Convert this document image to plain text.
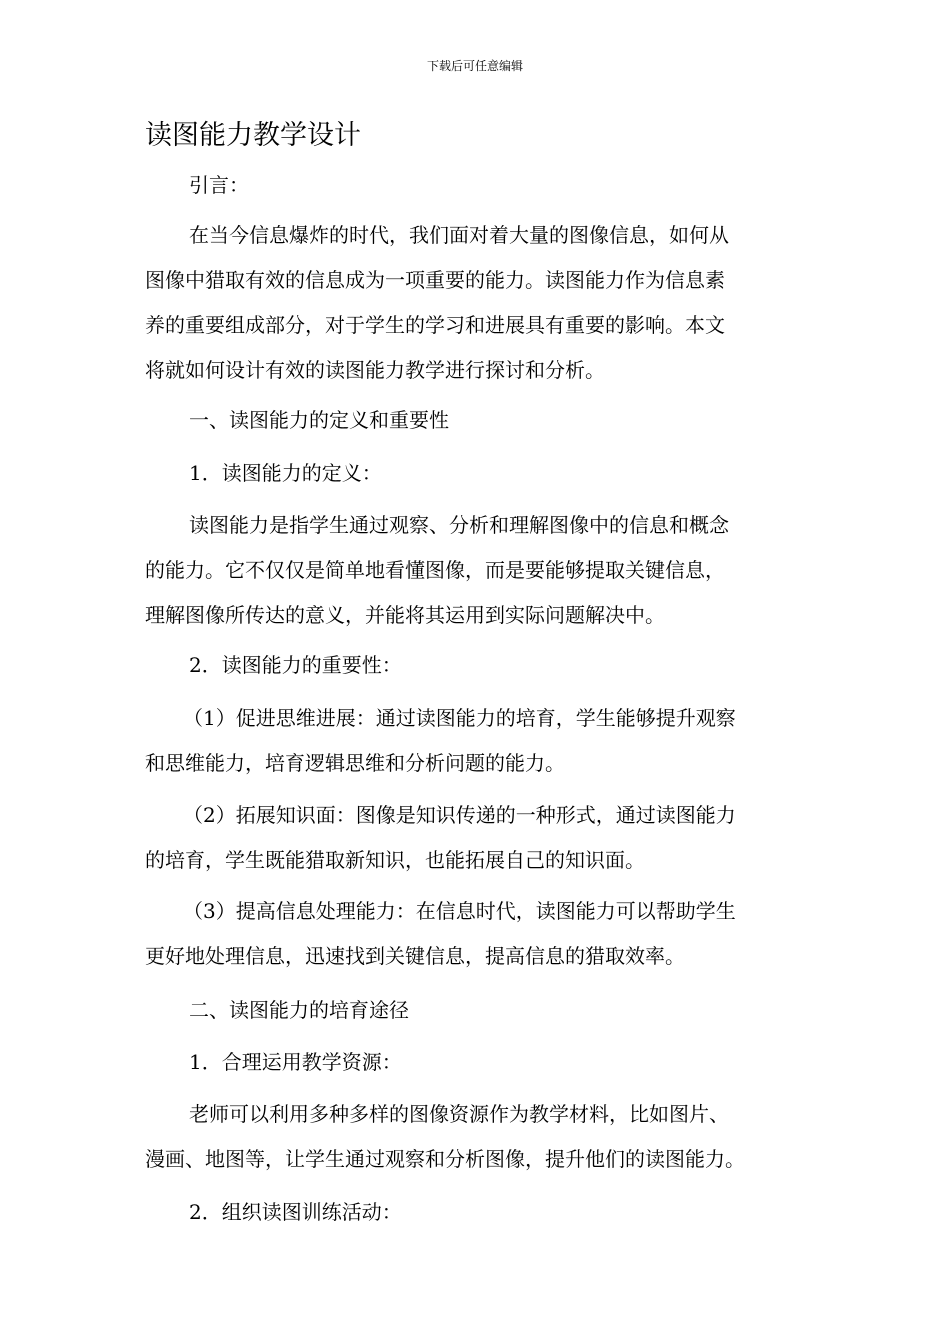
下载后可任意编辑
读图能力教学设计
引言：
在当今信息爆炸的时代，我们面对着大量的图像信息，如何从
图像中猎取有效的信息成为一项重要的能力。读图能力作为信息素
养的重要组成部分，对于学生的学习和进展具有重要的影响。本文
将就如何设计有效的读图能力教学进行探讨和分析。
一、读图能力的定义和重要性
1．读图能力的定义：
读图能力是指学生通过观察、分析和理解图像中的信息和概念
的能力。它不仅仅是简单地看懂图像，而是要能够提取关键信息，
理解图像所传达的意义，并能将其运用到实际问题解决中。
2．读图能力的重要性：
（1）促进思维进展：通过读图能力的培育，学生能够提升观察
和思维能力，培育逻辑思维和分析问题的能力。
（2）拓展知识面：图像是知识传递的一种形式，通过读图能力
的培育，学生既能猎取新知识，也能拓展自己的知识面。
（3）提高信息处理能力：在信息时代，读图能力可以帮助学生
更好地处理信息，迅速找到关键信息，提高信息的猎取效率。
二、读图能力的培育途径
1．合理运用教学资源：
老师可以利用多种多样的图像资源作为教学材料，比如图片、
漫画、地图等，让学生通过观察和分析图像，提升他们的读图能力。
2．组织读图训练活动：
